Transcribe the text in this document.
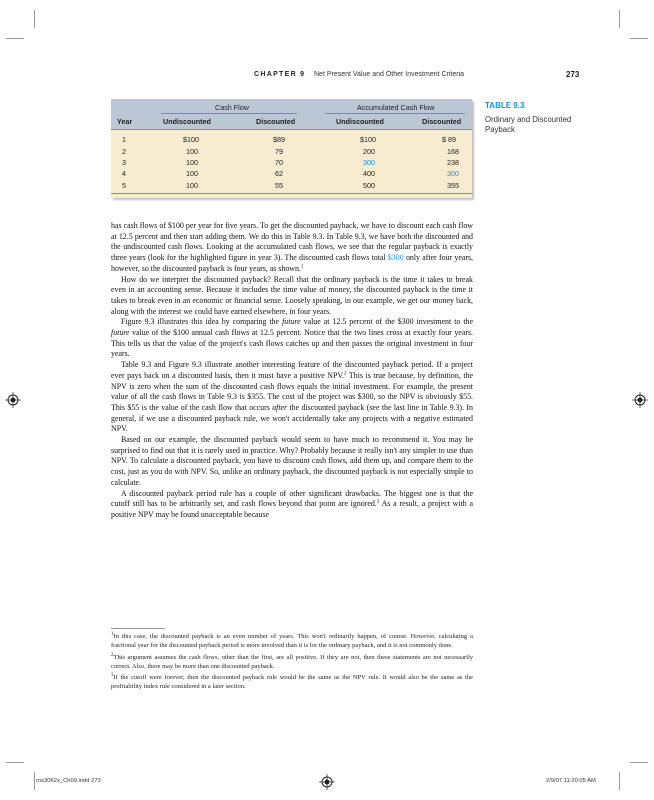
CHAPTER 9 Net Present Value and Other Investment Criteria	273
Cash Flow	Accumulated Cash Flow
Year	Undiscounted	Discounted	Undiscounted	Discounted
1	$100	$89	$100	$ 89
2	100	79	200	168
3	100	70	300	238
4	100	62	400	300
5	100	55	500	355
TABLE 9.3
Ordinary and Discounted Payback

has cash flows of $100 per year for five years. To get the discounted payback, we have to discount each cash flow at 12.5 percent and then start adding them. We do this in Table 9.3. In Table 9.3, we have both the discounted and the undiscounted cash flows. Looking at the accumulated cash flows, we see that the regular payback is exactly three years (look for the highlighted figure in year 3). The discounted cash flows total $300 only after four years, however, so the discounted payback is four years, as shown.$^1$

How do we interpret the discounted payback? Recall that the ordinary payback is the time it takes to break even in an accounting sense. Because it includes the time value of money, the discounted payback is the time it takes to break even in an economic or financial sense. Loosely speaking, in our example, we get our money back, along with the interest we could have earned elsewhere, in four years.

Figure 9.3 illustrates this idea by comparing the future value at 12.5 percent of the $300 investment to the future value of the $100 annual cash flows at 12.5 percent. Notice that the two lines cross at exactly four years. This tells us that the value of the project's cash flows catches up and then passes the original investment in four years.

Table 9.3 and Figure 9.3 illustrate another interesting feature of the discounted payback period. If a project ever pays back on a discounted basis, then it must have a positive NPV.$^2$ This is true because, by definition, the NPV is zero when the sum of the discounted cash flows equals the initial investment. For example, the present value of all the cash flows in Table 9.3 is $355. The cost of the project was $300, so the NPV is obviously $55. This $55 is the value of the cash flow that occurs after the discounted payback (see the last line in Table 9.3). In general, if we use a discounted payback rule, we won't accidentally take any projects with a negative estimated NPV.

Based on our example, the discounted payback would seem to have much to recommend it. You may be surprised to find out that it is rarely used in practice. Why? Probably because it really isn't any simpler to use than NPV. To calculate a discounted payback, you have to discount cash flows, add them up, and compare them to the cost, just as you do with NPV. So, unlike an ordinary payback, the discounted payback is not especially simple to calculate.

A discounted payback period rule has a couple of other significant drawbacks. The biggest one is that the cutoff still has to be arbitrarily set, and cash flows beyond that point are ignored.$^3$ As a result, a project with a positive NPV may be found unacceptable because

$^1$In this case, the discounted payback is an even number of years. This won't ordinarily happen, of course. However, calculating a fractional year for the discounted payback period is more involved than it is for the ordinary payback, and it is not commonly done.

$^2$This argument assumes the cash flows, other than the first, are all positive. If they are not, then these statements are not necessarily correct. Also, there may be more than one discounted payback.

$^3$If the cutoff were forever, then the discounted payback rule would be the same as the NPV rule. It would also be the same as the profitability index rule considered in a later section.

ros3062x_Ch09.indd 273	2/9/07 11:20:05 AM
